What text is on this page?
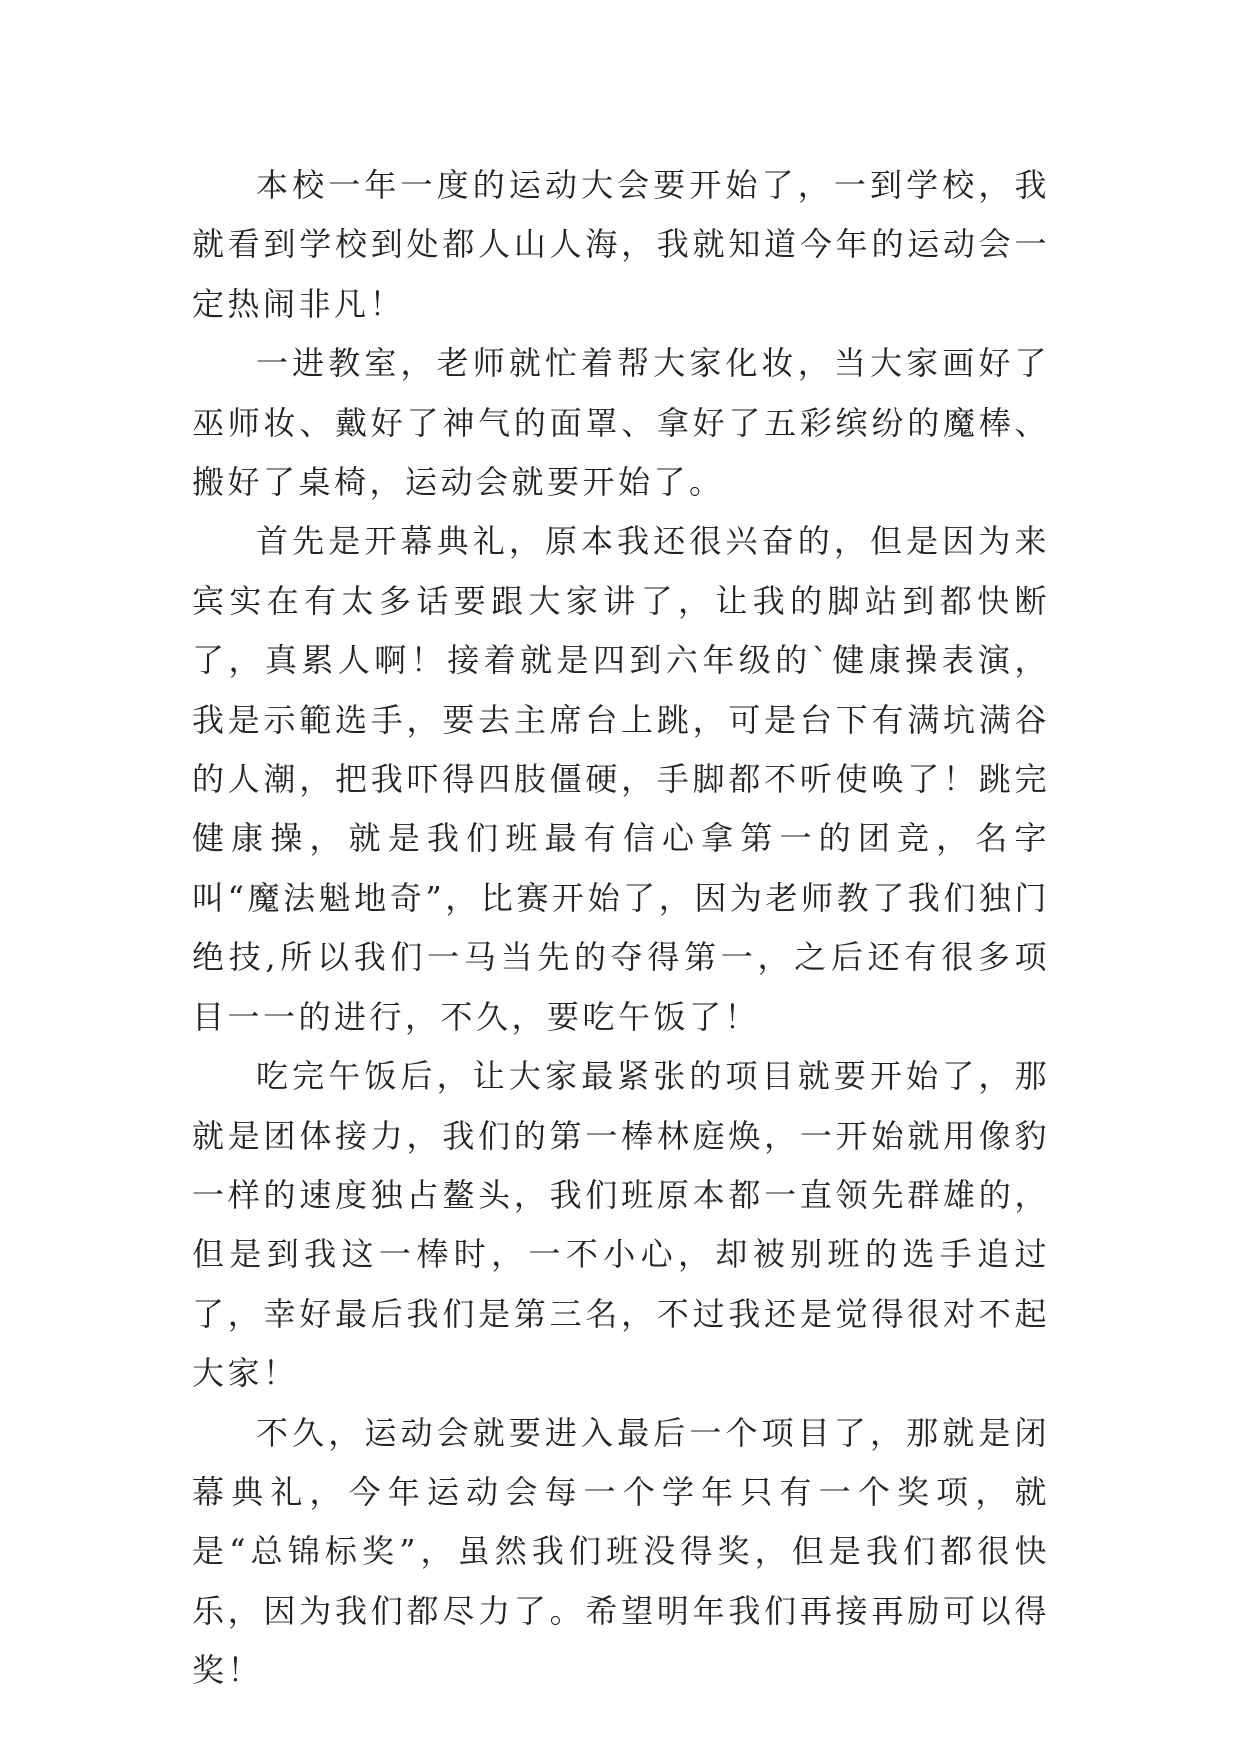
本校一年一度的运动大会要开始了，一到学校，我就看到学校到处都人山人海，我就知道今年的运动会一定热闹非凡！

一进教室，老师就忙着帮大家化妆，当大家画好了巫师妆、戴好了神气的面罩、拿好了五彩缤纷的魔棒、搬好了桌椅，运动会就要开始了。

首先是开幕典礼，原本我还很兴奋的，但是因为来宾实在有太多话要跟大家讲了，让我的脚站到都快断了，真累人啊！接着就是四到六年级的`健康操表演，我是示範选手，要去主席台上跳，可是台下有满坑满谷的人潮，把我吓得四肢僵硬，手脚都不听使唤了！跳完健康操，就是我们班最有信心拿第一的团竞，名字叫“魔法魁地奇”，比赛开始了，因为老师教了我们独门绝技,所以我们一马当先的夺得第一，之后还有很多项目一一的进行，不久，要吃午饭了！

吃完午饭后，让大家最紧张的项目就要开始了，那就是团体接力，我们的第一棒林庭焕，一开始就用像豹一样的速度独占鳌头，我们班原本都一直领先群雄的，但是到我这一棒时，一不小心，却被别班的选手追过了，幸好最后我们是第三名，不过我还是觉得很对不起大家！

不久，运动会就要进入最后一个项目了，那就是闭幕典礼，今年运动会每一个学年只有一个奖项，就是“总锦标奖”，虽然我们班没得奖，但是我们都很快乐，因为我们都尽力了。希望明年我们再接再励可以得奖！
